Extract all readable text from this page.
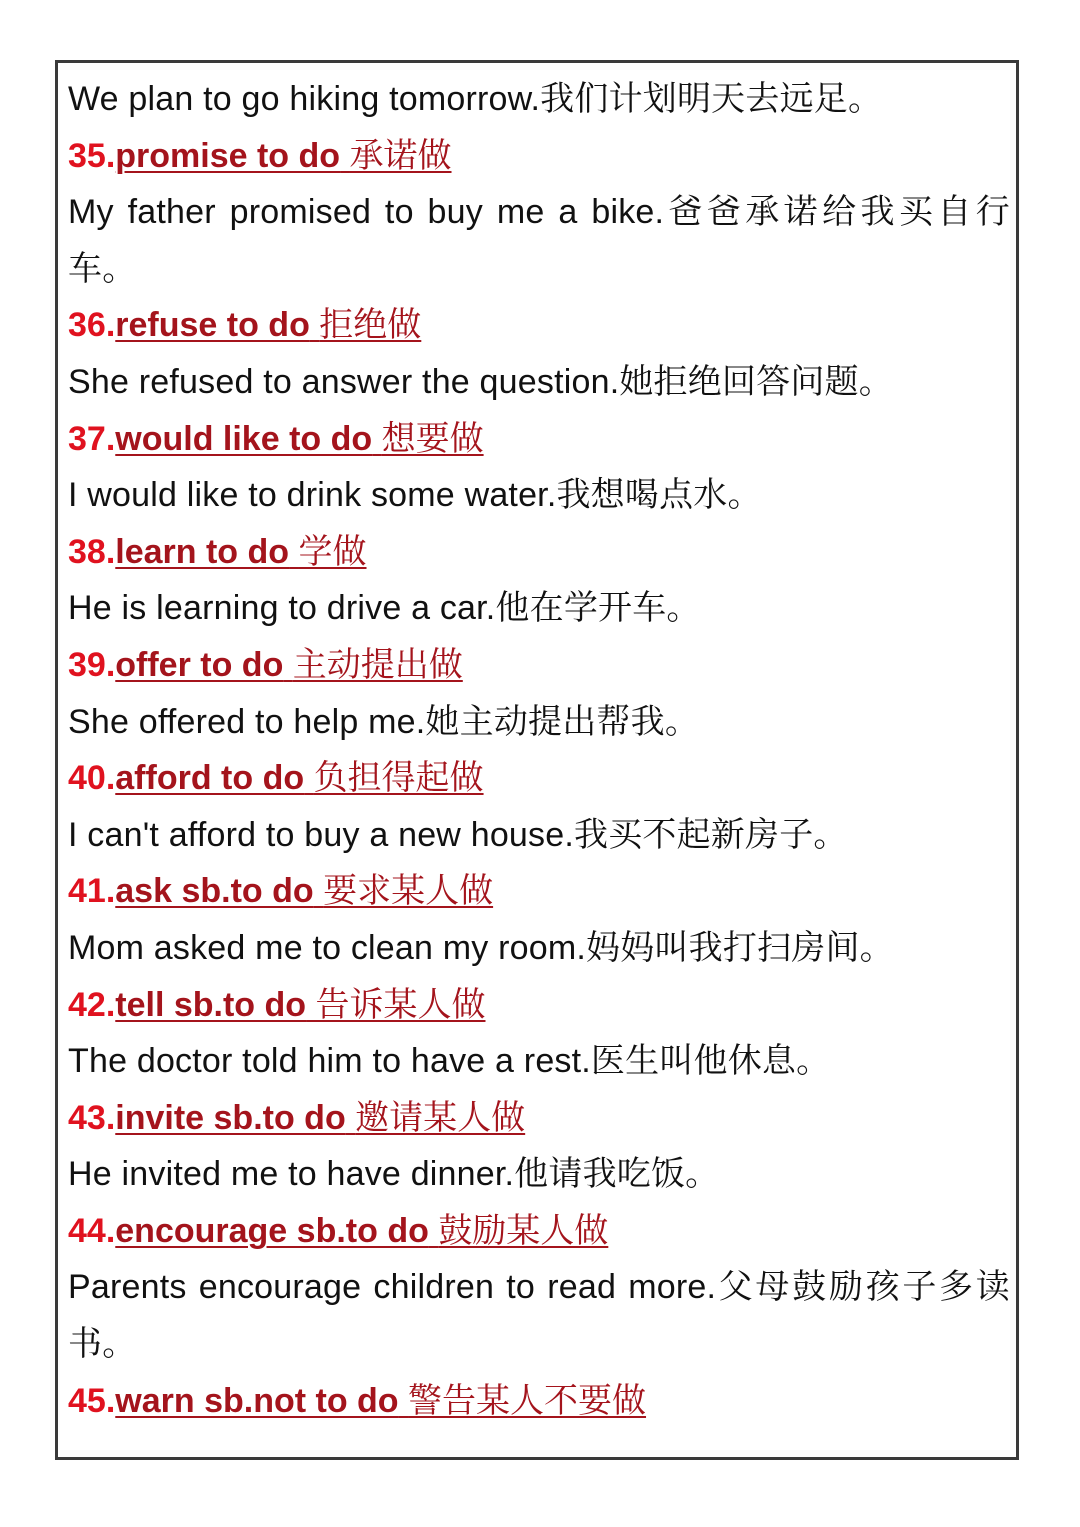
We plan to go hiking tomorrow.我们计划明天去远足。
35.promise to do 承诺做
My father promised to buy me a bike.爸爸承诺给我买自行车。
36.refuse to do 拒绝做
She refused to answer the question.她拒绝回答问题。
37.would like to do 想要做
I would like to drink some water.我想喝点水。
38.learn to do 学做
He is learning to drive a car.他在学开车。
39.offer to do 主动提出做
She offered to help me.她主动提出帮我。
40.afford to do 负担得起做
I can't afford to buy a new house.我买不起新房子。
41.ask sb.to do 要求某人做
Mom asked me to clean my room.妈妈叫我打扫房间。
42.tell sb.to do 告诉某人做
The doctor told him to have a rest.医生叫他休息。
43.invite sb.to do 邀请某人做
He invited me to have dinner.他请我吃饭。
44.encourage sb.to do 鼓励某人做
Parents encourage children to read more.父母鼓励孩子多读书。
45.warn sb.not to do 警告某人不要做
